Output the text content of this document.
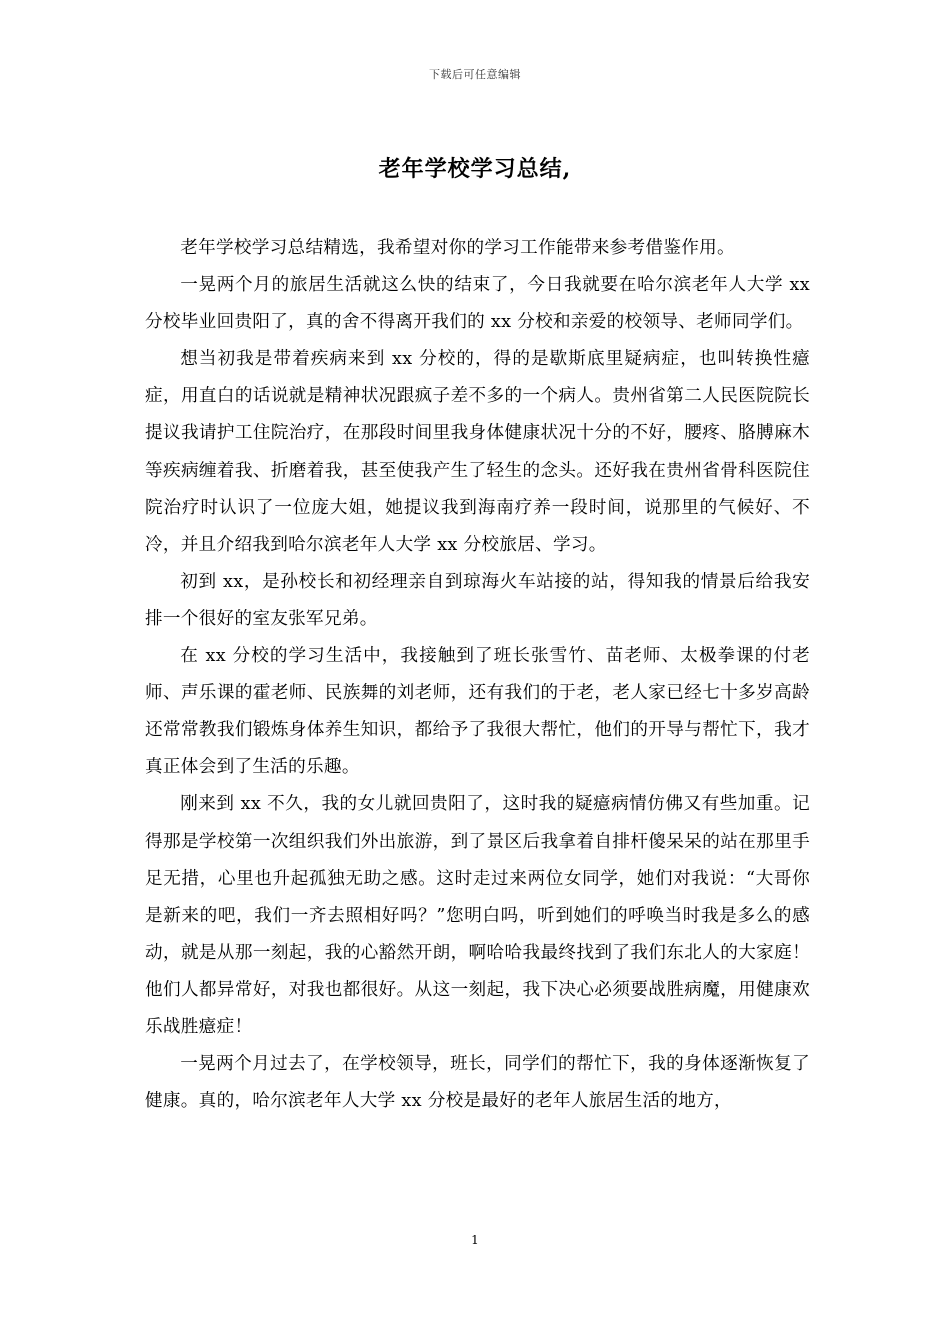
下载后可任意编辑
老年学校学习总结,

老年学校学习总结精选，我希望对你的学习工作能带来参考借鉴作用。

一晃两个月的旅居生活就这么快的结束了，今日我就要在哈尔滨老年人大学 xx 分校毕业回贵阳了，真的舍不得离开我们的 xx 分校和亲爱的校领导、老师同学们。

想当初我是带着疾病来到 xx 分校的，得的是歇斯底里疑病症，也叫转换性癔症，用直白的话说就是精神状况跟疯子差不多的一个病人。贵州省第二人民医院院长提议我请护工住院治疗，在那段时间里我身体健康状况十分的不好，腰疼、胳膊麻木等疾病缠着我、折磨着我，甚至使我产生了轻生的念头。还好我在贵州省骨科医院住院治疗时认识了一位庞大姐，她提议我到海南疗养一段时间，说那里的气候好、不冷，并且介绍我到哈尔滨老年人大学 xx 分校旅居、学习。

初到 xx，是孙校长和初经理亲自到琼海火车站接的站，得知我的情景后给我安排一个很好的室友张军兄弟。

在 xx 分校的学习生活中，我接触到了班长张雪竹、苗老师、太极拳课的付老师、声乐课的霍老师、民族舞的刘老师，还有我们的于老，老人家已经七十多岁高龄还常常教我们锻炼身体养生知识，都给予了我很大帮忙，他们的开导与帮忙下，我才真正体会到了生活的乐趣。

刚来到 xx 不久，我的女儿就回贵阳了，这时我的疑癔病情仿佛又有些加重。记得那是学校第一次组织我们外出旅游，到了景区后我拿着自排杆傻呆呆的站在那里手足无措，心里也升起孤独无助之感。这时走过来两位女同学，她们对我说：“大哥你是新来的吧，我们一齐去照相好吗？”您明白吗，听到她们的呼唤当时我是多么的感动，就是从那一刻起，我的心豁然开朗，啊哈哈我最终找到了我们东北人的大家庭！他们人都异常好，对我也都很好。从这一刻起，我下决心必须要战胜病魔，用健康欢乐战胜癔症！

一晃两个月过去了，在学校领导，班长，同学们的帮忙下，我的身体逐渐恢复了健康。真的，哈尔滨老年人大学 xx 分校是最好的老年人旅居生活的地方，

1
